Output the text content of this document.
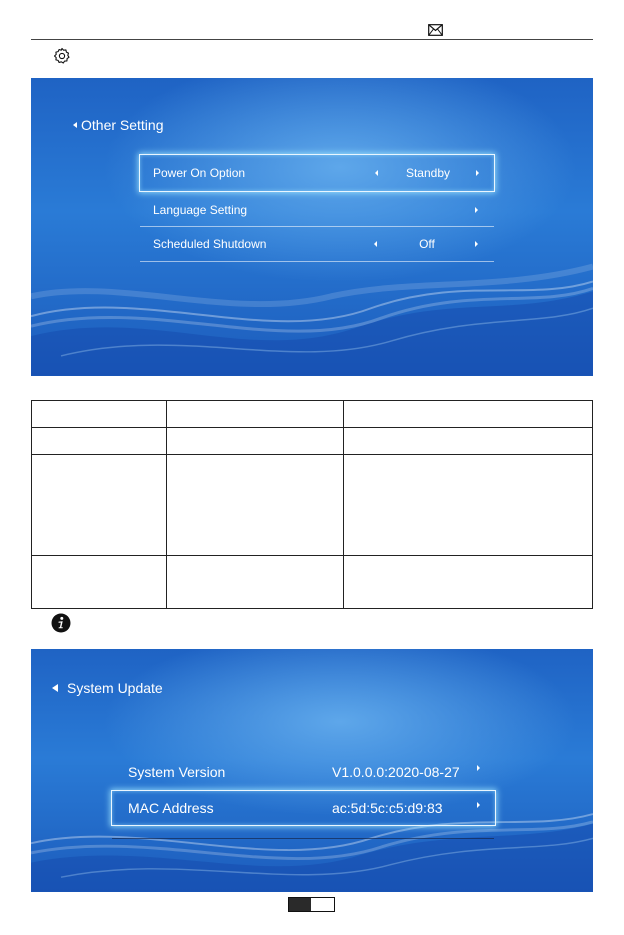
Other Setting
Power On Option	Standby
Language Setting
Scheduled Shutdown	Off

System Update
System Version	V1.0.0.0:2020-08-27
MAC Address	ac:5d:5c:c5:d9:83
